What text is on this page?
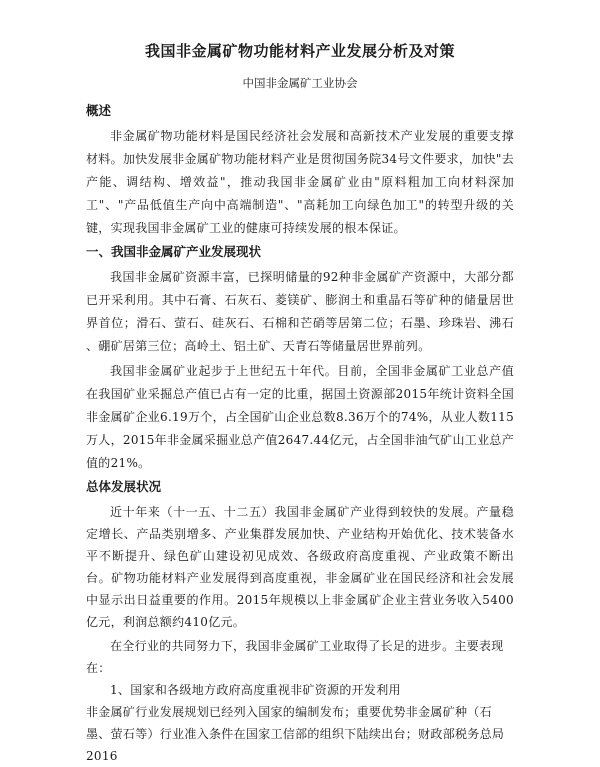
我国非金属矿物功能材料产业发展分析及对策
中国非金属矿工业协会
概述

非金属矿物功能材料是国民经济社会发展和高新技术产业发展的重要支撑材料。加快发展非金属矿物功能材料产业是贯彻国务院34号文件要求，加快"去产能、调结构、增效益"，推动我国非金属矿业由"原料粗加工向材料深加工"、"产品低值生产向中高端制造"、"高耗加工向绿色加工"的转型升级的关键，实现我国非金属矿工业的健康可持续发展的根本保证。

一、我国非金属矿产业发展现状

我国非金属矿资源丰富，已探明储量的92种非金属矿产资源中，大部分都已开采利用。其中石膏、石灰石、菱镁矿、膨润土和重晶石等矿种的储量居世界首位；滑石、萤石、硅灰石、石棉和芒硝等居第二位；石墨、珍珠岩、沸石 、硼矿居第三位；高岭土、铝土矿、天青石等储量居世界前列。

我国非金属矿业起步于上世纪五十年代。目前，全国非金属矿工业总产值在我国矿业采掘总产值已占有一定的比重，据国土资源部2015年统计资料全国非金属矿企业6.19万个，占全国矿山企业总数8.36万个的74%，从业人数115万人，2015年非金属采掘业总产值2647.44亿元，占全国非油气矿山工业总产值的21%。

总体发展状况

近十年来（十一五、十二五）我国非金属矿产业得到较快的发展。产量稳定增长、产品类别增多、产业集群发展加快、产业结构开始优化、技术装备水平不断提升、绿色矿山建设初见成效、各级政府高度重视、产业政策不断出台。矿物功能材料产业发展得到高度重视，非金属矿业在国民经济和社会发展中显示出日益重要的作用。2015年规模以上非金属矿企业主营业务收入5400亿元，利润总额约410亿元。

在全行业的共同努力下，我国非金属矿工业取得了长足的进步。主要表现在：

1、国家和各级地方政府高度重视非矿资源的开发利用

非金属矿行业发展规划已经列入国家的编制发布；重要优势非金属矿种（石墨、萤石等）行业准入条件在国家工信部的组织下陆续出台；财政部税务总局 2016
